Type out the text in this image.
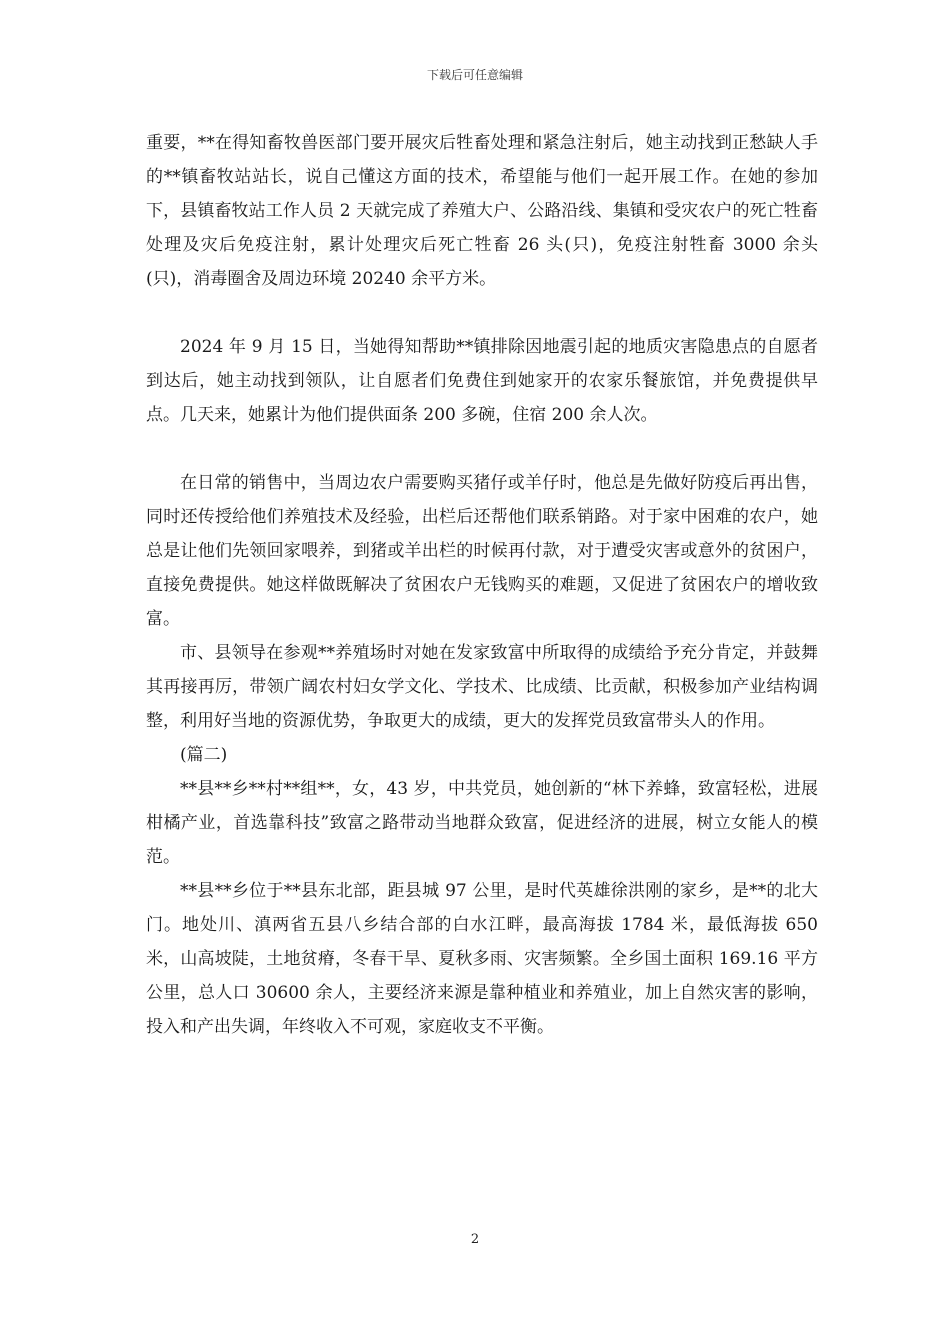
下载后可任意编辑

重要，**在得知畜牧兽医部门要开展灾后牲畜处理和紧急注射后，她主动找到正愁缺人手的**镇畜牧站站长，说自己懂这方面的技术，希望能与他们一起开展工作。在她的参加下，县镇畜牧站工作人员 2 天就完成了养殖大户、公路沿线、集镇和受灾农户的死亡牲畜处理及灾后免疫注射，累计处理灾后死亡牲畜 26 头(只)，免疫注射牲畜 3000 余头(只)，消毒圈舍及周边环境 20240 余平方米。

2024 年 9 月 15 日，当她得知帮助**镇排除因地震引起的地质灾害隐患点的自愿者到达后，她主动找到领队，让自愿者们免费住到她家开的农家乐餐旅馆，并免费提供早点。几天来，她累计为他们提供面条 200 多碗，住宿 200 余人次。

在日常的销售中，当周边农户需要购买猪仔或羊仔时，他总是先做好防疫后再出售，同时还传授给他们养殖技术及经验，出栏后还帮他们联系销路。对于家中困难的农户，她总是让他们先领回家喂养，到猪或羊出栏的时候再付款，对于遭受灾害或意外的贫困户，直接免费提供。她这样做既解决了贫困农户无钱购买的难题，又促进了贫困农户的增收致富。

市、县领导在参观**养殖场时对她在发家致富中所取得的成绩给予充分肯定，并鼓舞其再接再厉，带领广阔农村妇女学文化、学技术、比成绩、比贡献，积极参加产业结构调整，利用好当地的资源优势，争取更大的成绩，更大的发挥党员致富带头人的作用。

(篇二)

**县**乡**村**组**，女，43 岁，中共党员，她创新的“林下养蜂，致富轻松，进展柑橘产业，首选靠科技”致富之路带动当地群众致富，促进经济的进展，树立女能人的模范。

**县**乡位于**县东北部，距县城 97 公里，是时代英雄徐洪刚的家乡，是**的北大门。地处川、滇两省五县八乡结合部的白水江畔，最高海拔 1784 米，最低海拔 650 米，山高坡陡，土地贫瘠，冬春干旱、夏秋多雨、灾害频繁。全乡国土面积 169.16 平方公里，总人口 30600 余人，主要经济来源是靠种植业和养殖业，加上自然灾害的影响，投入和产出失调，年终收入不可观，家庭收支不平衡。

2
